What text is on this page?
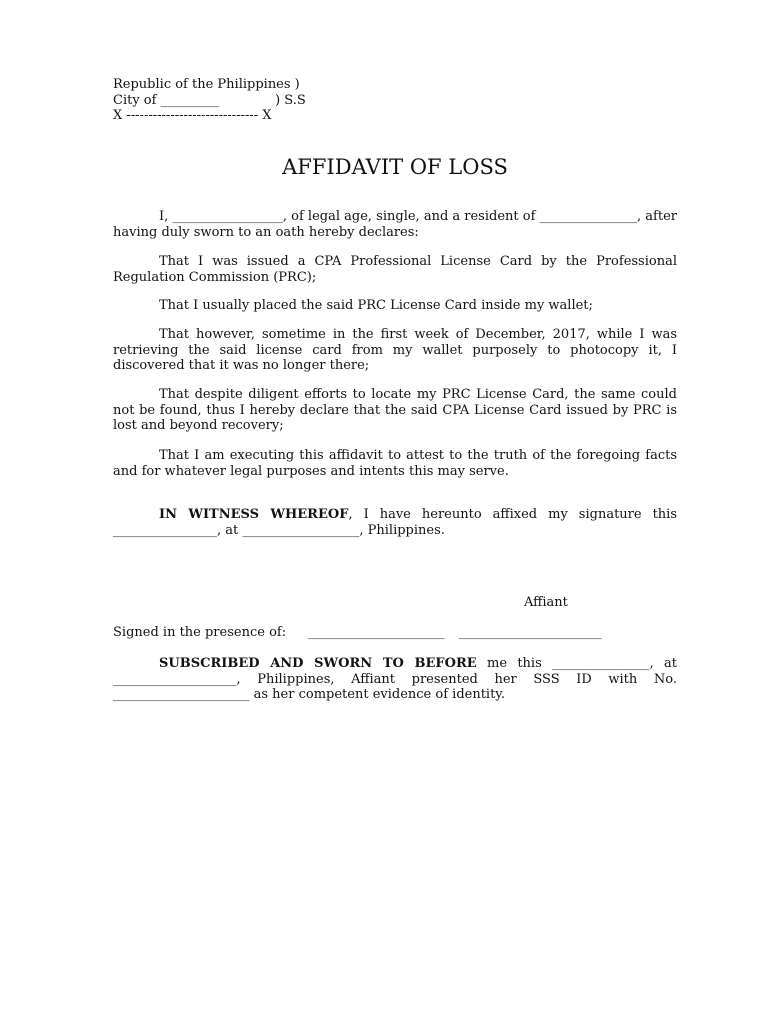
Republic of the Philippines )
City of _________	) S.S
X ------------------------------ X
AFFIDAVIT OF LOSS
I, _________________, of legal age, single, and a resident of _______________, after having duly sworn to an oath hereby declares:
That I was issued a CPA Professional License Card by the Professional Regulation Commission (PRC);
That I usually placed the said PRC License Card inside my wallet;
That however, sometime in the first week of December, 2017, while I was retrieving the said license card from my wallet purposely to photocopy it, I discovered that it was no longer there;
That despite diligent efforts to locate my PRC License Card, the same could not be found, thus I hereby declare that the said CPA License Card issued by PRC is lost and beyond recovery;
That I am executing this affidavit to attest to the truth of the foregoing facts and for whatever legal purposes and intents this may serve.
IN WITNESS WHEREOF, I have hereunto affixed my signature this ________________, at __________________, Philippines.
Affiant
Signed in the presence of: _____________________ ______________________
SUBSCRIBED AND SWORN TO BEFORE me this _______________, at ___________________, Philippines, Affiant presented her SSS ID with No. _____________________ as her competent evidence of identity.
